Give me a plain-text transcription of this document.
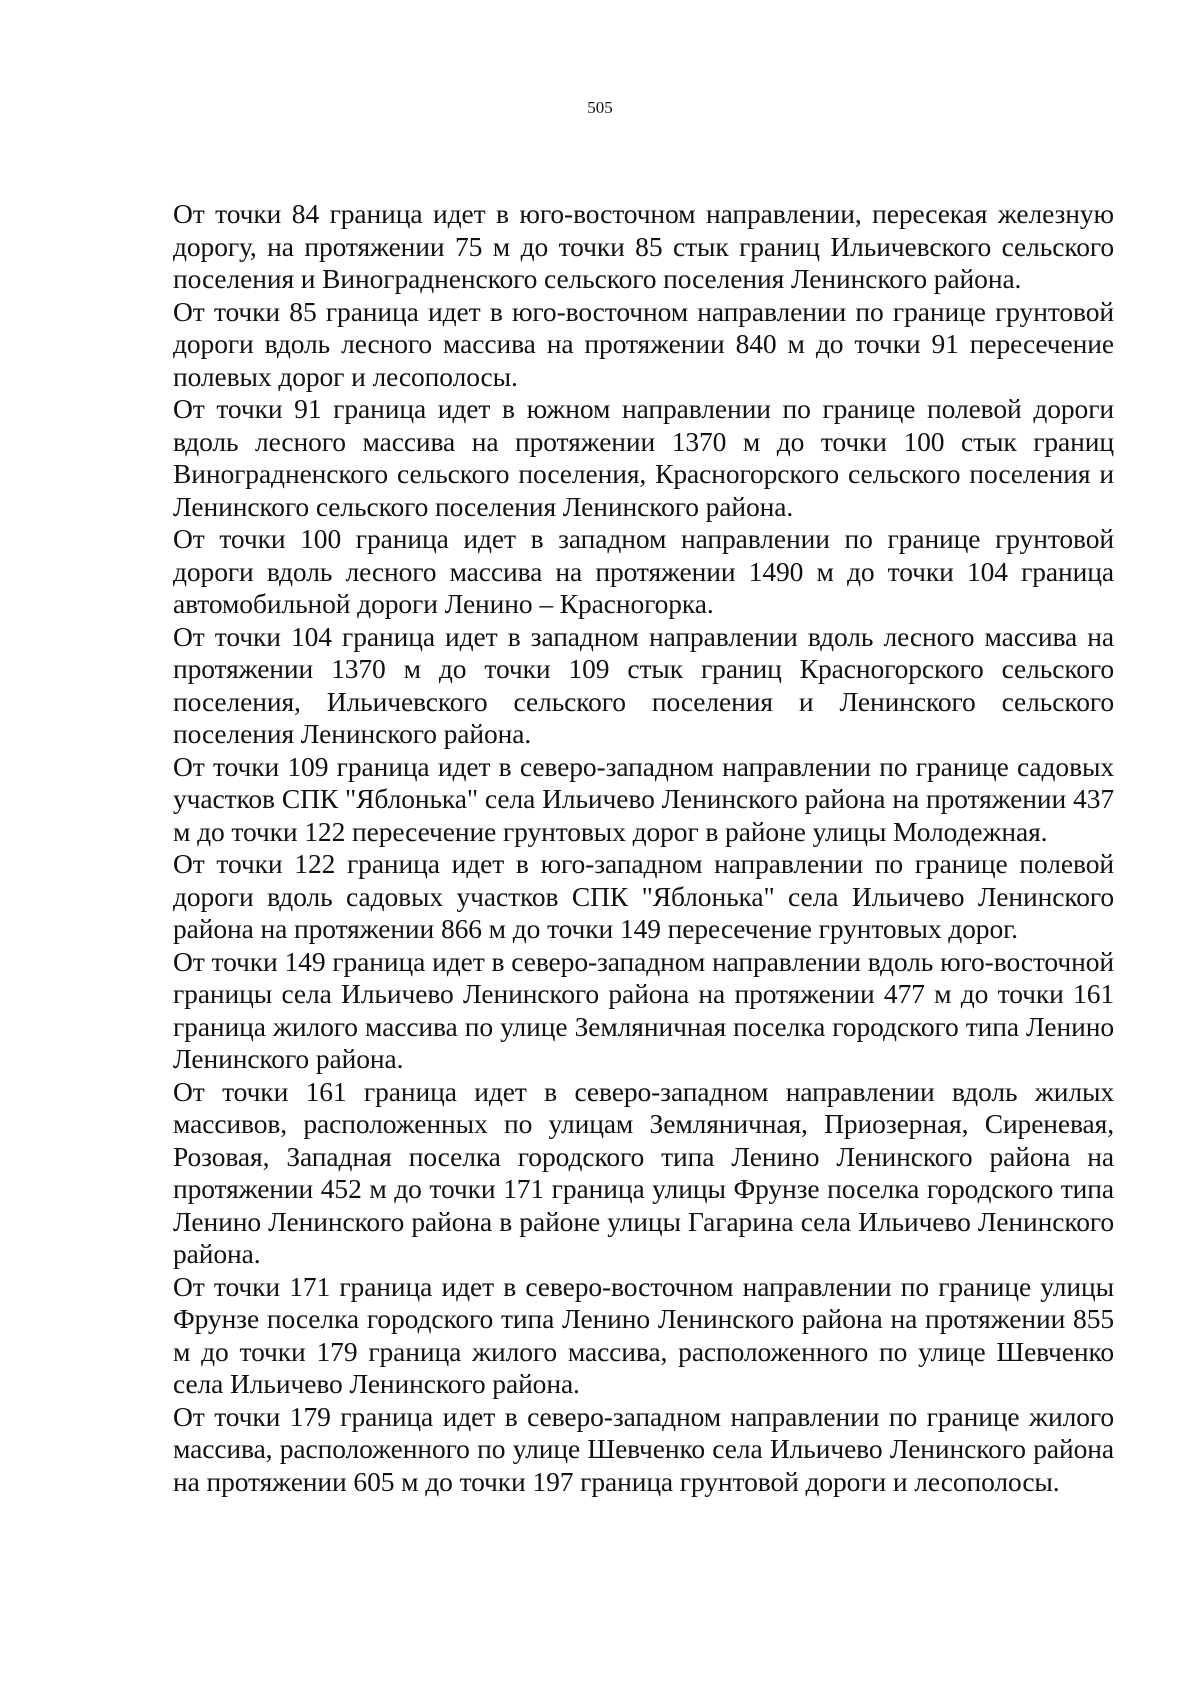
505

От точки 84 граница идет в юго-восточном направлении, пересекая железную дорогу, на протяжении 75 м до точки 85 стык границ Ильичевского сельского поселения и Виноградненского сельского поселения Ленинского района.

От точки 85 граница идет в юго-восточном направлении по границе грунтовой дороги вдоль лесного массива на протяжении 840 м до точки 91 пересечение полевых дорог и лесополосы.

От точки 91 граница идет в южном направлении по границе полевой дороги вдоль лесного массива на протяжении 1370 м до точки 100 стык границ Виноградненского сельского поселения, Красногорского сельского поселения и Ленинского сельского поселения Ленинского района.

От точки 100 граница идет в западном направлении по границе грунтовой дороги вдоль лесного массива на протяжении 1490 м до точки 104 граница автомобильной дороги Ленино – Красногорка.

От точки 104 граница идет в западном направлении вдоль лесного массива на протяжении 1370 м до точки 109 стык границ Красногорского сельского поселения, Ильичевского сельского поселения и Ленинского сельского поселения Ленинского района.

От точки 109 граница идет в северо-западном направлении по границе садовых участков СПК "Яблонька" села Ильичево Ленинского района на протяжении 437 м до точки 122 пересечение грунтовых дорог в районе улицы Молодежная.

От точки 122 граница идет в юго-западном направлении по границе полевой дороги вдоль садовых участков СПК "Яблонька" села Ильичево Ленинского района на протяжении 866 м до точки 149 пересечение грунтовых дорог.

От точки 149 граница идет в северо-западном направлении вдоль юго-восточной границы села Ильичево Ленинского района на протяжении 477 м до точки 161 граница жилого массива по улице Земляничная поселка городского типа Ленино Ленинского района.

От точки 161 граница идет в северо-западном направлении вдоль жилых массивов, расположенных по улицам Земляничная, Приозерная, Сиреневая, Розовая, Западная поселка городского типа Ленино Ленинского района на протяжении 452 м до точки 171 граница улицы Фрунзе поселка городского типа Ленино Ленинского района в районе улицы Гагарина села Ильичево Ленинского района.

От точки 171 граница идет в северо-восточном направлении по границе улицы Фрунзе поселка городского типа Ленино Ленинского района на протяжении 855 м до точки 179 граница жилого массива, расположенного по улице Шевченко села Ильичево Ленинского района.

От точки 179 граница идет в северо-западном направлении по границе жилого массива, расположенного по улице Шевченко села Ильичево Ленинского района на протяжении 605 м до точки 197 граница грунтовой дороги и лесополосы.
